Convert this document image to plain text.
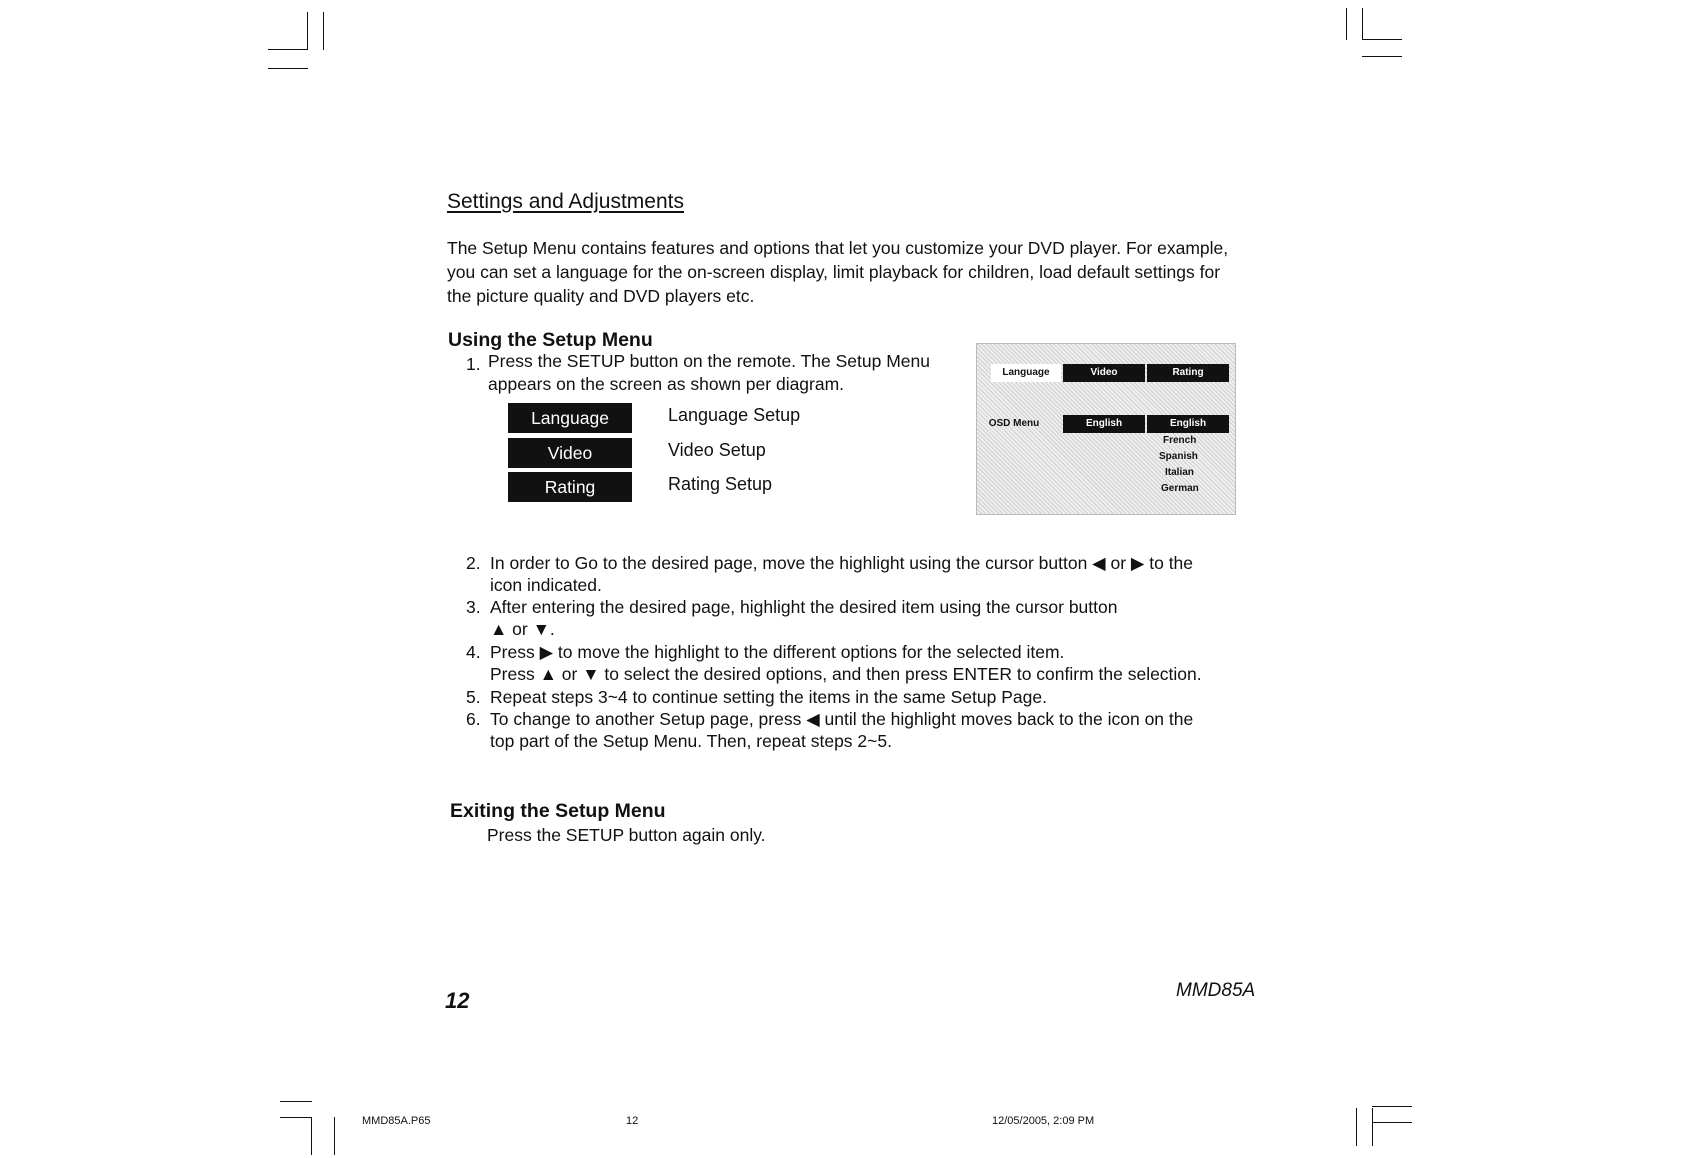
Settings and Adjustments
The Setup Menu contains features and options that let you customize your DVD player. For example, you can set a language for the on-screen display, limit playback for children, load default settings for the picture quality and DVD players etc.
Using the Setup Menu
1. Press the SETUP button on the remote. The Setup Menu appears on the screen as shown per diagram.
Language	Language Setup
Video	Video Setup
Rating	Rating Setup
Language	Video	Rating
OSD Menu	English	English
French
Spanish
Italian
German
2. In order to Go to the desired page, move the highlight using the cursor button ◀ or ▶ to the
icon indicated.
3. After entering the desired page, highlight the desired item using the cursor button
▲ or ▼.
4. Press ▶ to move the highlight to the different options for the selected item.
Press ▲ or ▼ to select the desired options, and then press ENTER to confirm the selection.
5. Repeat steps 3~4 to continue setting the items in the same Setup Page.
6. To change to another Setup page, press ◀ until the highlight moves back to the icon on the
top part of the Setup Menu. Then, repeat steps 2~5.
Exiting the Setup Menu
Press the SETUP button again only.
12	MMD85A
MMD85A.P65	12	12/05/2005, 2:09 PM
